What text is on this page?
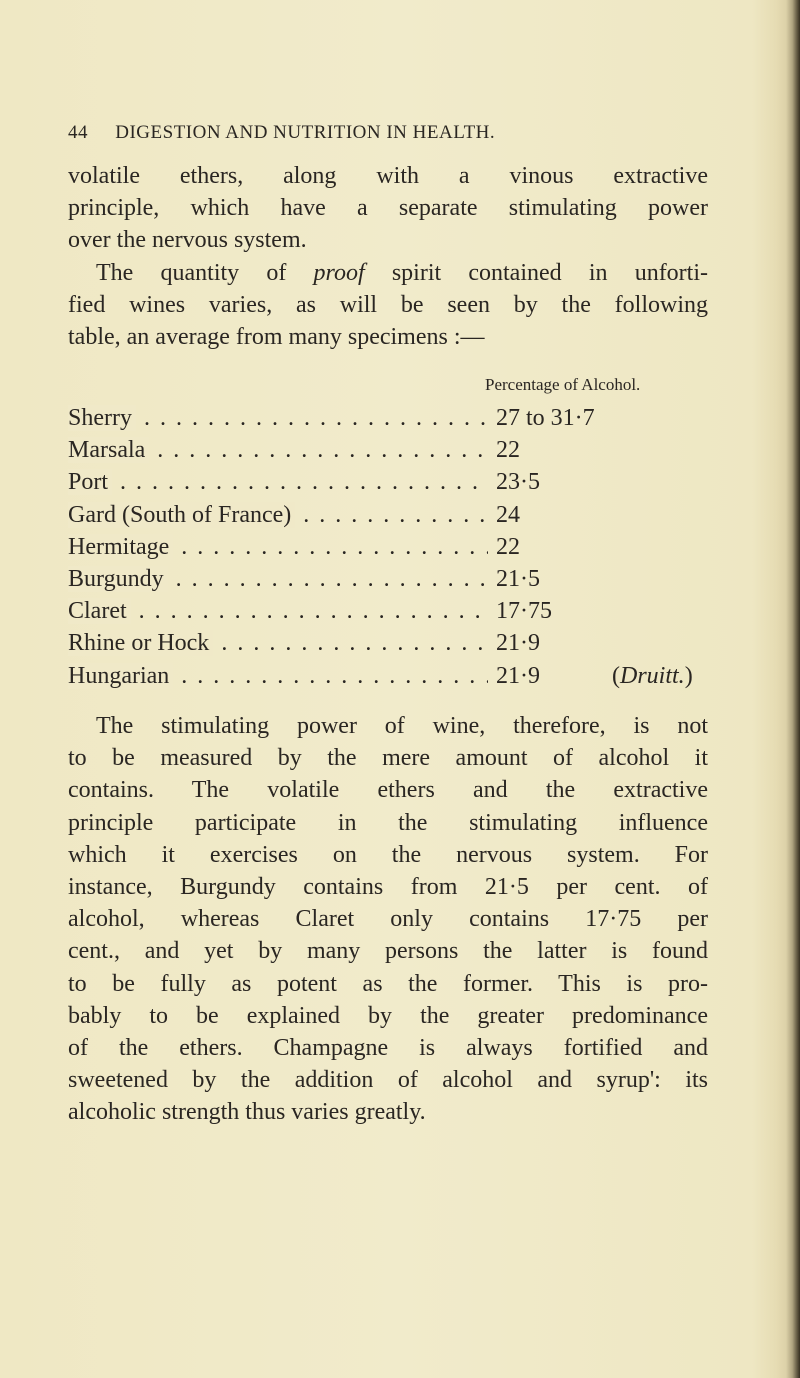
44 DIGESTION AND NUTRITION IN HEALTH.
volatile ethers, along with a vinous extractive
principle, which have a separate stimulating power
over the nervous system.
The quantity of proof spirit contained in unforti-
fied wines varies, as will be seen by the following
table, an average from many specimens :—
Percentage of Alcohol.
Sherry . . .	27 to 31·7
Marsala . . .	22
Port . . .	23·5
Gard (South of France) . . .	24
Hermitage . . .	22
Burgundy . . .	21·5
Claret . . .	17·75
Rhine or Hock . . .	21·9
Hungarian . . .	21·9	(Druitt.)
The stimulating power of wine, therefore, is not
to be measured by the mere amount of alcohol it
contains. The volatile ethers and the extractive
principle participate in the stimulating influence
which it exercises on the nervous system. For
instance, Burgundy contains from 21·5 per cent. of
alcohol, whereas Claret only contains 17·75 per
cent., and yet by many persons the latter is found
to be fully as potent as the former. This is pro-
bably to be explained by the greater predominance
of the ethers. Champagne is always fortified and
sweetened by the addition of alcohol and syrup': its
alcoholic strength thus varies greatly.
